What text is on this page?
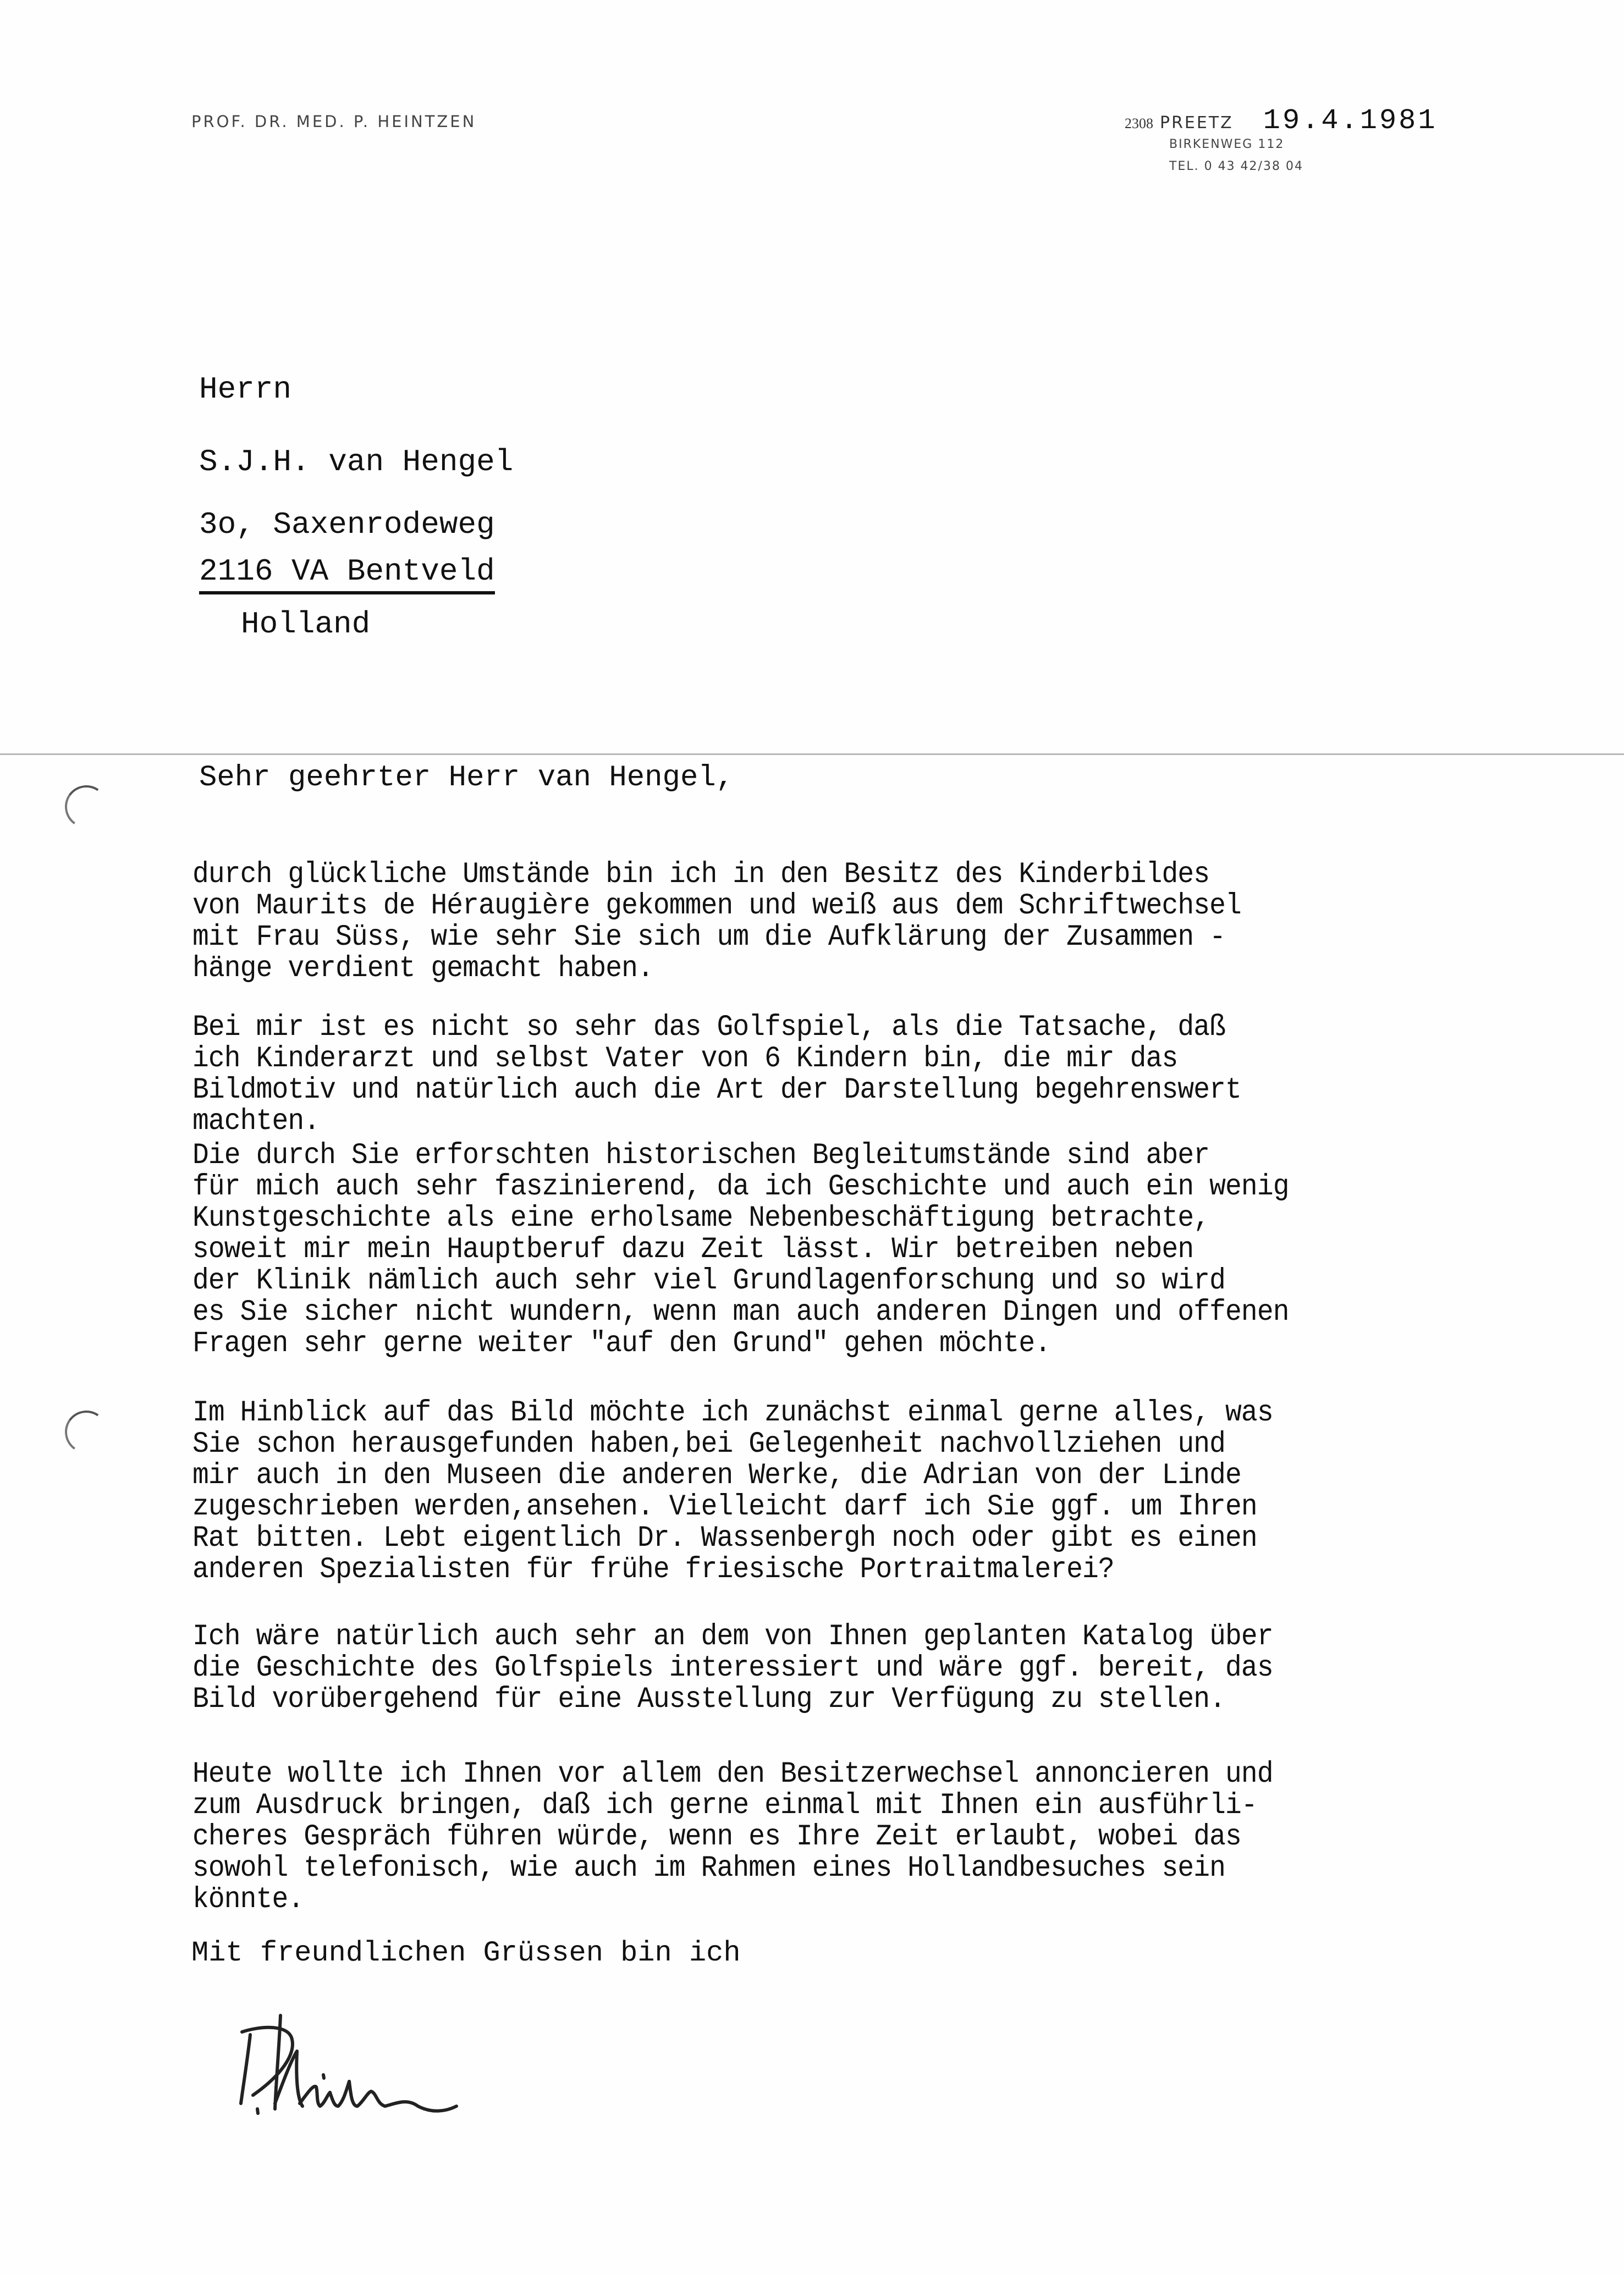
PROF. DR. MED. P. HEINTZEN	2308 PREETZ 19.4.1981
BIRKENWEG 112
TEL. 0 43 42/38 04
Herrn
S.J.H. van Hengel
3o, Saxenrodeweg
2116 VA Bentveld
Holland
Sehr geehrter Herr van Hengel,
durch glückliche Umstände bin ich in den Besitz des Kinderbildes
von Maurits de Héraugière gekommen und weiß aus dem Schriftwechsel
mit Frau Süss, wie sehr Sie sich um die Aufklärung der Zusammen -
hänge verdient gemacht haben.
Bei mir ist es nicht so sehr das Golfspiel, als die Tatsache, daß
ich Kinderarzt und selbst Vater von 6 Kindern bin, die mir das
Bildmotiv und natürlich auch die Art der Darstellung begehrenswert
machten.
Die durch Sie erforschten historischen Begleitumstände sind aber
für mich auch sehr faszinierend, da ich Geschichte und auch ein wenig
Kunstgeschichte als eine erholsame Nebenbeschäftigung betrachte,
soweit mir mein Hauptberuf dazu Zeit lässt. Wir betreiben neben
der Klinik nämlich auch sehr viel Grundlagenforschung und so wird
es Sie sicher nicht wundern, wenn man auch anderen Dingen und offenen
Fragen sehr gerne weiter "auf den Grund" gehen möchte.
Im Hinblick auf das Bild möchte ich zunächst einmal gerne alles, was
Sie schon herausgefunden haben,bei Gelegenheit nachvollziehen und
mir auch in den Museen die anderen Werke, die Adrian von der Linde
zugeschrieben werden,ansehen. Vielleicht darf ich Sie ggf. um Ihren
Rat bitten. Lebt eigentlich Dr. Wassenbergh noch oder gibt es einen
anderen Spezialisten für frühe friesische Portraitmalerei?
Ich wäre natürlich auch sehr an dem von Ihnen geplanten Katalog über
die Geschichte des Golfspiels interessiert und wäre ggf. bereit, das
Bild vorübergehend für eine Ausstellung zur Verfügung zu stellen.
Heute wollte ich Ihnen vor allem den Besitzerwechsel annoncieren und
zum Ausdruck bringen, daß ich gerne einmal mit Ihnen ein ausführli-
cheres Gespräch führen würde, wenn es Ihre Zeit erlaubt, wobei das
sowohl telefonisch, wie auch im Rahmen eines Hollandbesuches sein
könnte.
Mit freundlichen Grüssen bin ich
